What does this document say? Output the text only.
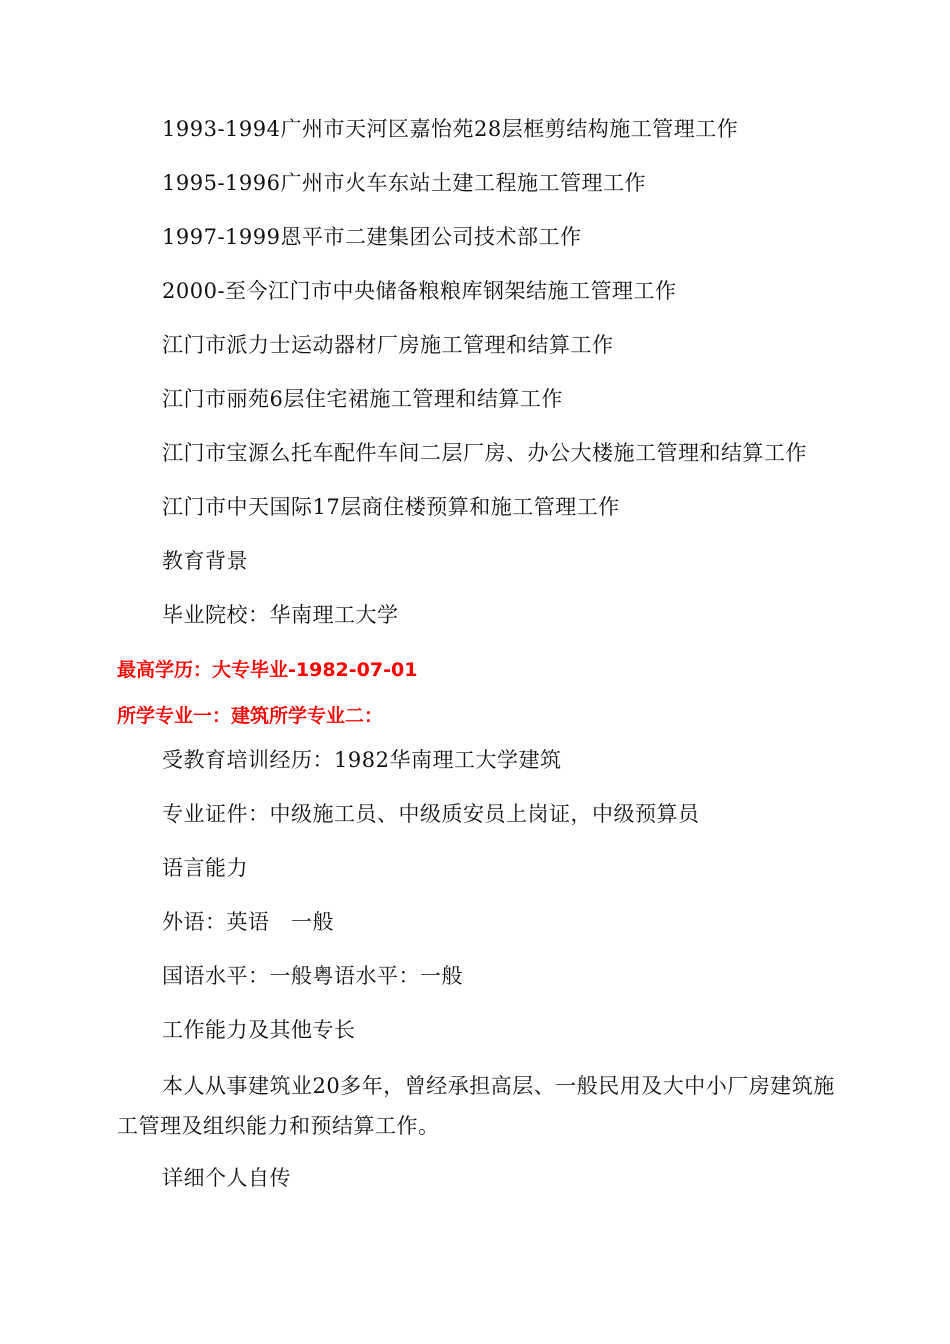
1993-1994广州市天河区嘉怡苑28层框剪结构施工管理工作
1995-1996广州市火车东站土建工程施工管理工作
1997-1999恩平市二建集团公司技术部工作
2000-至今江门市中央储备粮粮库钢架结施工管理工作
江门市派力士运动器材厂房施工管理和结算工作
江门市丽苑6层住宅裙施工管理和结算工作
江门市宝源么托车配件车间二层厂房、办公大楼施工管理和结算工作
江门市中天国际17层商住楼预算和施工管理工作
教育背景
毕业院校：华南理工大学
最高学历：大专毕业-1982-07-01
所学专业一：建筑所学专业二：
受教育培训经历：1982华南理工大学建筑
专业证件：中级施工员、中级质安员上岗证，中级预算员
语言能力
外语：英语　一般
国语水平：一般粤语水平：一般
工作能力及其他专长
本人从事建筑业20多年，曾经承担高层、一般民用及大中小厂房建筑施工管理及组织能力和预结算工作。
详细个人自传
